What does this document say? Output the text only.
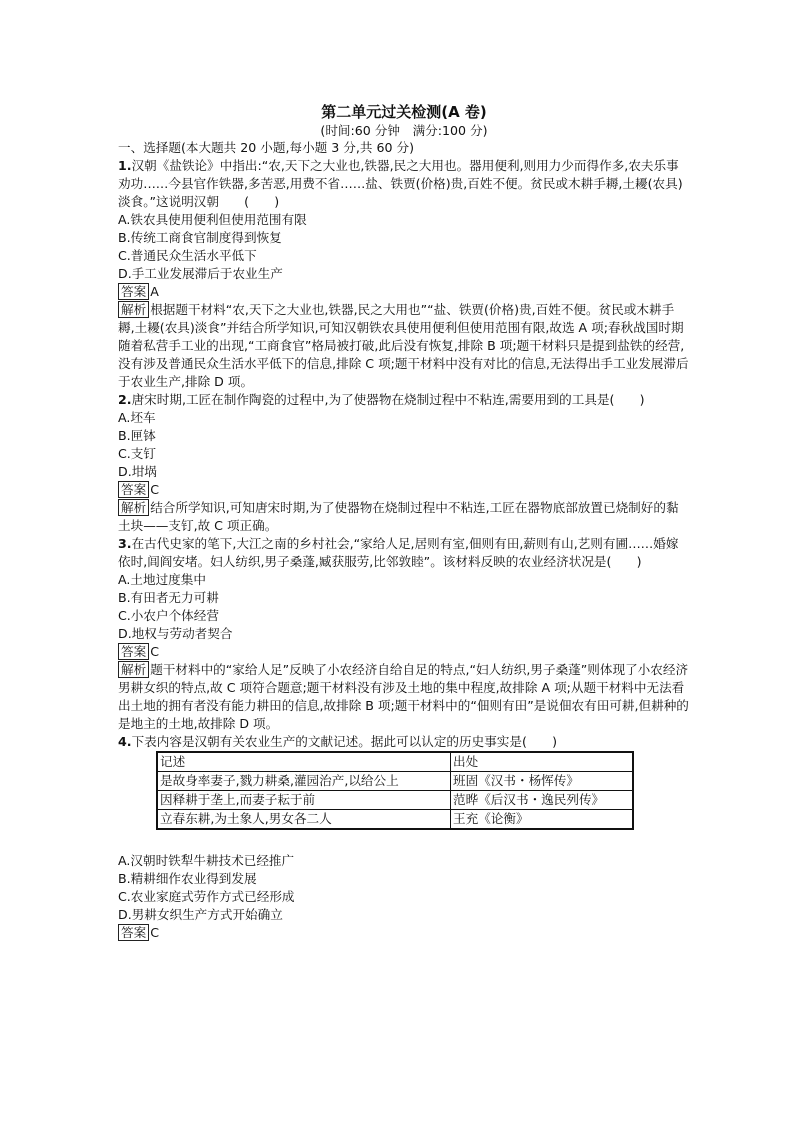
第二单元过关检测(A 卷)

(时间:60 分钟　满分:100 分)

一、选择题(本大题共 20 小题,每小题 3 分,共 60 分)

1.汉朝《盐铁论》中指出:“农,天下之大业也,铁器,民之大用也。器用便利,则用力少而得作多,农夫乐事劝功……今县官作铁器,多苦恶,用费不省……盐、铁贾(价格)贵,百姓不便。贫民或木耕手耨,土耰(农具)淡食。”这说明汉朝　　(　　)

A.铁农具使用便利但使用范围有限

B.传统工商食官制度得到恢复

C.普通民众生活水平低下

D.手工业发展滞后于农业生产

答案 A

解析 根据题干材料“农,天下之大业也,铁器,民之大用也”“盐、铁贾(价格)贵,百姓不便。贫民或木耕手耨,土耰(农具)淡食”并结合所学知识,可知汉朝铁农具使用便利但使用范围有限,故选 A 项;春秋战国时期随着私营手工业的出现,“工商食官”格局被打破,此后没有恢复,排除 B 项;题干材料只是提到盐铁的经营,没有涉及普通民众生活水平低下的信息,排除 C 项;题干材料中没有对比的信息,无法得出手工业发展滞后于农业生产,排除 D 项。

2.唐宋时期,工匠在制作陶瓷的过程中,为了使器物在烧制过程中不粘连,需要用到的工具是(　　)

A.坯车

B.匣钵

C.支钉

D.坩埚

答案 C

解析 结合所学知识,可知唐宋时期,为了使器物在烧制过程中不粘连,工匠在器物底部放置已烧制好的黏土块——支钉,故 C 项正确。

3.在古代史家的笔下,大江之南的乡村社会,“家给人足,居则有室,佃则有田,薪则有山,艺则有圃……婚嫁依时,闾阎安堵。妇人纺织,男子桑蓬,臧获服劳,比邻敦睦”。该材料反映的农业经济状况是(　　)

A.土地过度集中

B.有田者无力可耕

C.小农户个体经营

D.地权与劳动者契合

答案 C

解析 题干材料中的“家给人足”反映了小农经济自给自足的特点,“妇人纺织,男子桑蓬”则体现了小农经济男耕女织的特点,故 C 项符合题意;题干材料没有涉及土地的集中程度,故排除 A 项;从题干材料中无法看出土地的拥有者没有能力耕田的信息,故排除 B 项;题干材料中的“佃则有田”是说佃农有田可耕,但耕种的是地主的土地,故排除 D 项。

4.下表内容是汉朝有关农业生产的文献记述。据此可以认定的历史事实是(　　)

记述	出处
是故身率妻子,戮力耕桑,灌园治产,以给公上	班固《汉书・杨恽传》
因释耕于垄上,而妻子耘于前	范晔《后汉书・逸民列传》
立春东耕,为土象人,男女各二人	王充《论衡》

A.汉朝时铁犁牛耕技术已经推广

B.精耕细作农业得到发展

C.农业家庭式劳作方式已经形成

D.男耕女织生产方式开始确立

答案 C
